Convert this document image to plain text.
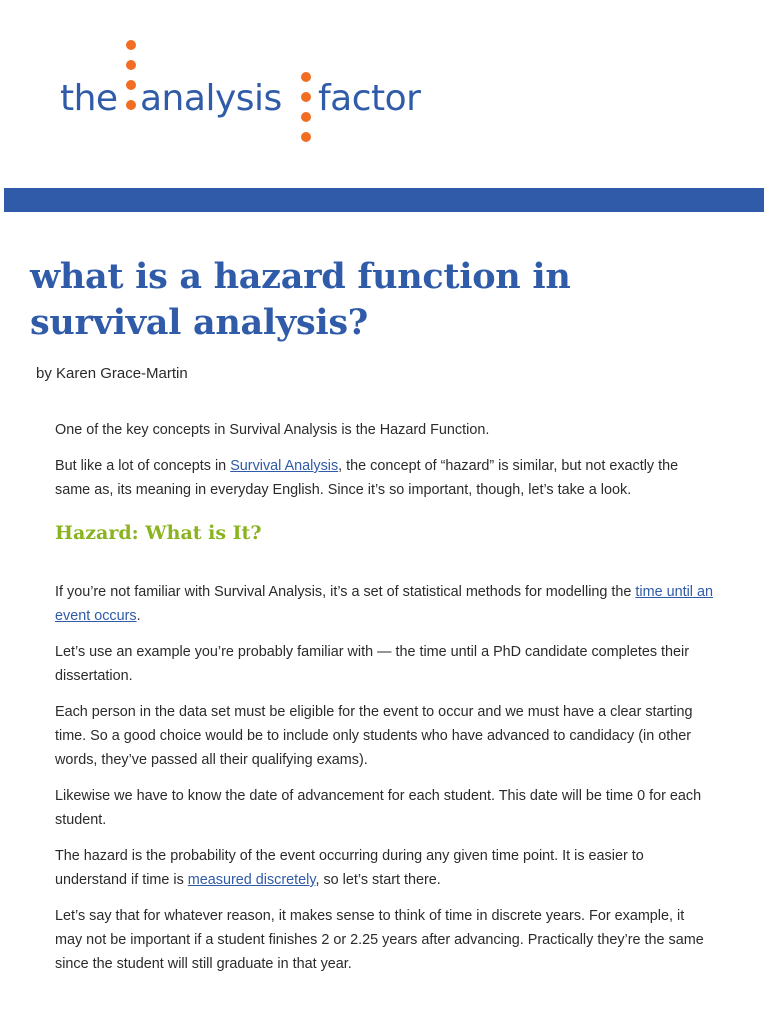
the analysis factor
what is a hazard function in survival analysis?

by Karen Grace-Martin

One of the key concepts in Survival Analysis is the Hazard Function.

But like a lot of concepts in Survival Analysis, the concept of “hazard” is similar, but not exactly the same as, its meaning in everyday English. Since it’s so important, though, let’s take a look.

Hazard: What is It?

If you’re not familiar with Survival Analysis, it’s a set of statistical methods for modelling the time until an event occurs.

Let’s use an example you’re probably familiar with — the time until a PhD candidate completes their dissertation.

Each person in the data set must be eligible for the event to occur and we must have a clear starting time. So a good choice would be to include only students who have advanced to candidacy (in other words, they’ve passed all their qualifying exams).

Likewise we have to know the date of advancement for each student. This date will be time 0 for each student.

The hazard is the probability of the event occurring during any given time point. It is easier to understand if time is measured discretely, so let’s start there.

Let’s say that for whatever reason, it makes sense to think of time in discrete years. For example, it may not be important if a student finishes 2 or 2.25 years after advancing. Practically they’re the same since the student will still graduate in that year.
